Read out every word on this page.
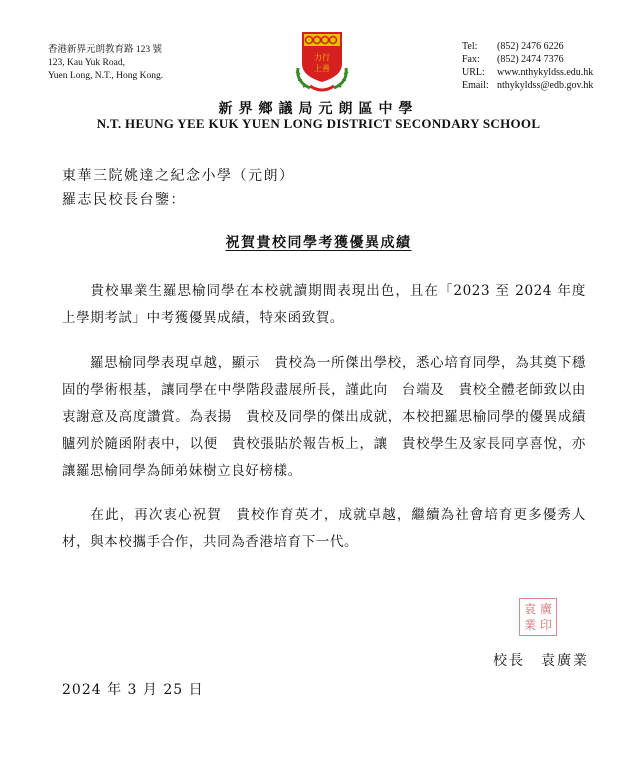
香港新界元朗教育路 123 號
123, Kau Yuk Road,
Yuen Long, N.T., Hong Kong.
力行
上善
Tel:	(852) 2476 6226
Fax:	(852) 2474 7376
URL:	www.nthykyldss.edu.hk
Email: nthykyldss@edb.gov.hk
新界鄉議局元朗區中學
N.T. HEUNG YEE KUK YUEN LONG DISTRICT SECONDARY SCHOOL
東華三院姚達之紀念小學（元朗）
羅志民校長台鑒：
祝賀貴校同學考獲優異成績
貴校畢業生羅思榆同學在本校就讀期間表現出色，且在「2023 至 2024 年度上學期考試」中考獲優異成績，特來函致賀。
羅思榆同學表現卓越，顯示　貴校為一所傑出學校，悉心培育同學，為其奠下穩固的學術根基，讓同學在中學階段盡展所長，謹此向　台端及　貴校全體老師致以由衷謝意及高度讚賞。為表揚　貴校及同學的傑出成就，本校把羅思榆同學的優異成績臚列於隨函附表中，以便　貴校張貼於報告板上，讓　貴校學生及家長同享喜悅，亦讓羅思榆同學為師弟妹樹立良好榜樣。
在此，再次衷心祝賀　貴校作育英才，成就卓越，繼續為社會培育更多優秀人材，與本校攜手合作，共同為香港培育下一代。
袁 廣
業 印
校長　袁廣業
2024 年 3 月 25 日
